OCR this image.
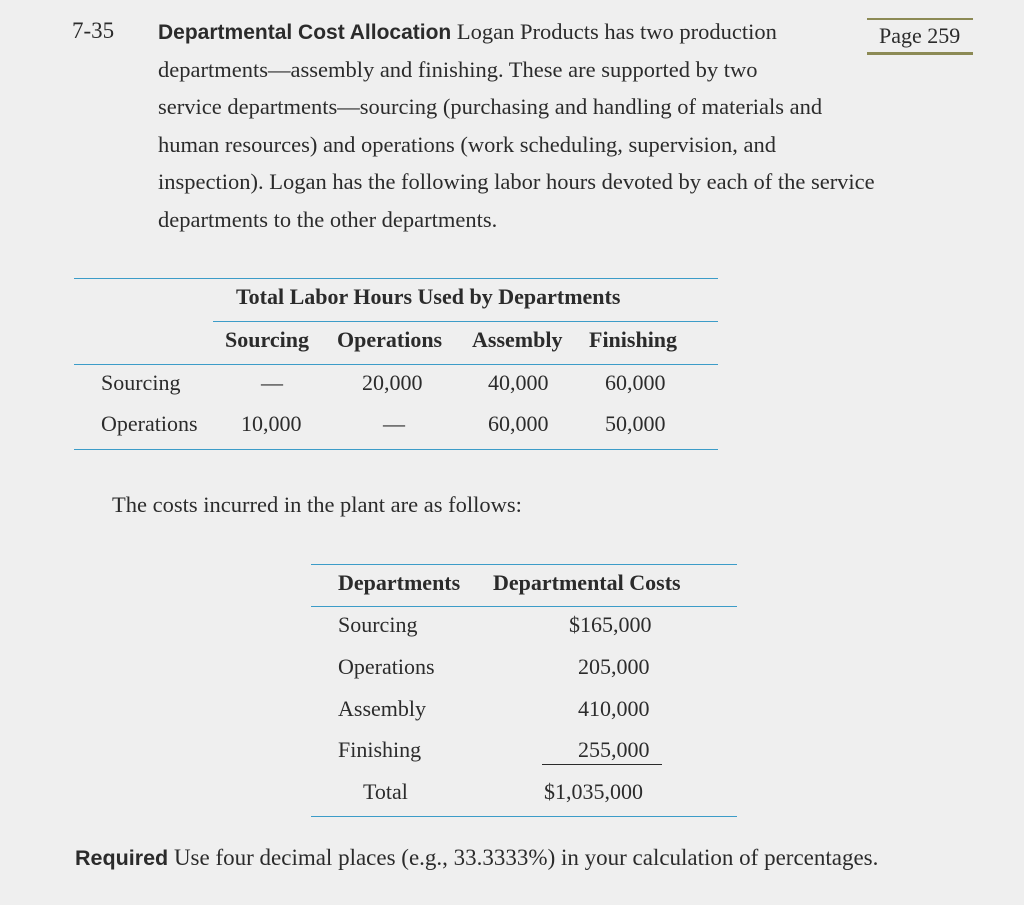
7-35 Departmental Cost Allocation Logan Products has two production	Page 259
departments—assembly and finishing. These are supported by two
service departments—sourcing (purchasing and handling of materials and
human resources) and operations (work scheduling, supervision, and
inspection). Logan has the following labor hours devoted by each of the service
departments to the other departments.
Total Labor Hours Used by Departments
Sourcing Operations Assembly Finishing
Sourcing	—	20,000	40,000	60,000
Operations 10,000	—	60,000	50,000
The costs incurred in the plant are as follows:
Departments Departmental Costs
Sourcing	$165,000
Operations	205,000
Assembly	410,000
Finishing	255,000
Total	$1,035,000
Required Use four decimal places (e.g., 33.3333%) in your calculation of percentages.
